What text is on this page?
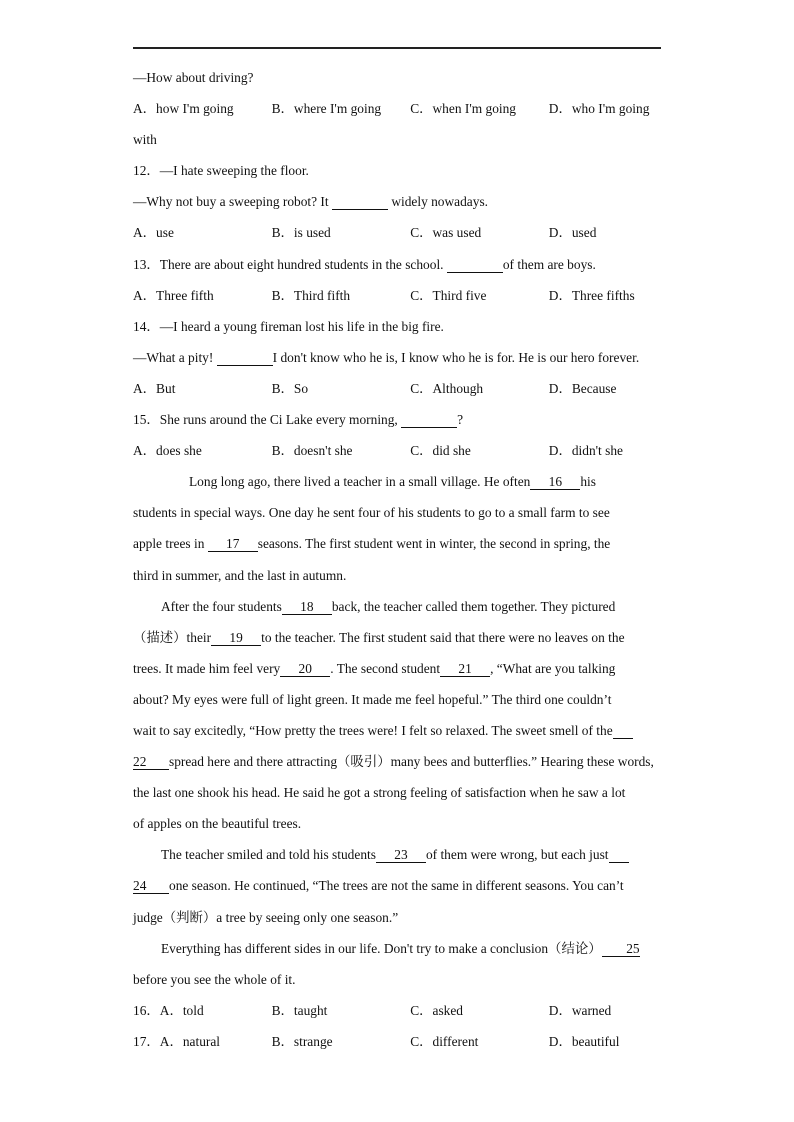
—How about driving?
A．how I'm going	B．where I'm going	C．when I'm going	D．who I'm going
with
12．—I hate sweeping the floor.
—Why not buy a sweeping robot? It	widely nowadays.
A．use	B．is used	C．was used	D．used
13．There are about eight hundred students in the school.	of them are boys.
A．Three fifth	B．Third fifth	C．Third five	D．Three fifths
14．—I heard a young fireman lost his life in the big fire.
—What a pity!	I don't know who he is, I know who he is for. He is our hero forever.
A．But	B．So	C．Although	D．Because
15．She runs around the Ci Lake every morning,	?
A．does she	B．doesn't she	C．did she	D．didn't she
Long long ago, there lived a teacher in a small village. He often 16 his
students in special ways. One day he sent four of his students to go to a small farm to see
apple trees in 17 seasons. The first student went in winter, the second in spring, the
third in summer, and the last in autumn.
After the four students 18 back, the teacher called them together. They pictured
（描述）their 19 to the teacher. The first student said that there were no leaves on the
trees. It made him feel very 20 . The second student 21 , “What are you talking
about? My eyes were full of light green. It made me feel hopeful.” The third one couldn’t
wait to say excitedly, “How pretty the trees were! I felt so relaxed. The sweet smell of the
22 spread here and there attracting（吸引）many bees and butterflies.” Hearing these words,
the last one shook his head. He said he got a strong feeling of satisfaction when he saw a lot
of apples on the beautiful trees.
The teacher smiled and told his students 23 of them were wrong, but each just
24 one season. He continued, “The trees are not the same in different seasons. You can’t
judge（判断）a tree by seeing only one season.”
Everything has different sides in our life. Don't try to make a conclusion（结论） 25
before you see the whole of it.
16．A．told	B．taught	C．asked	D．warned
17．A．natural	B．strange	C．different	D．beautiful
